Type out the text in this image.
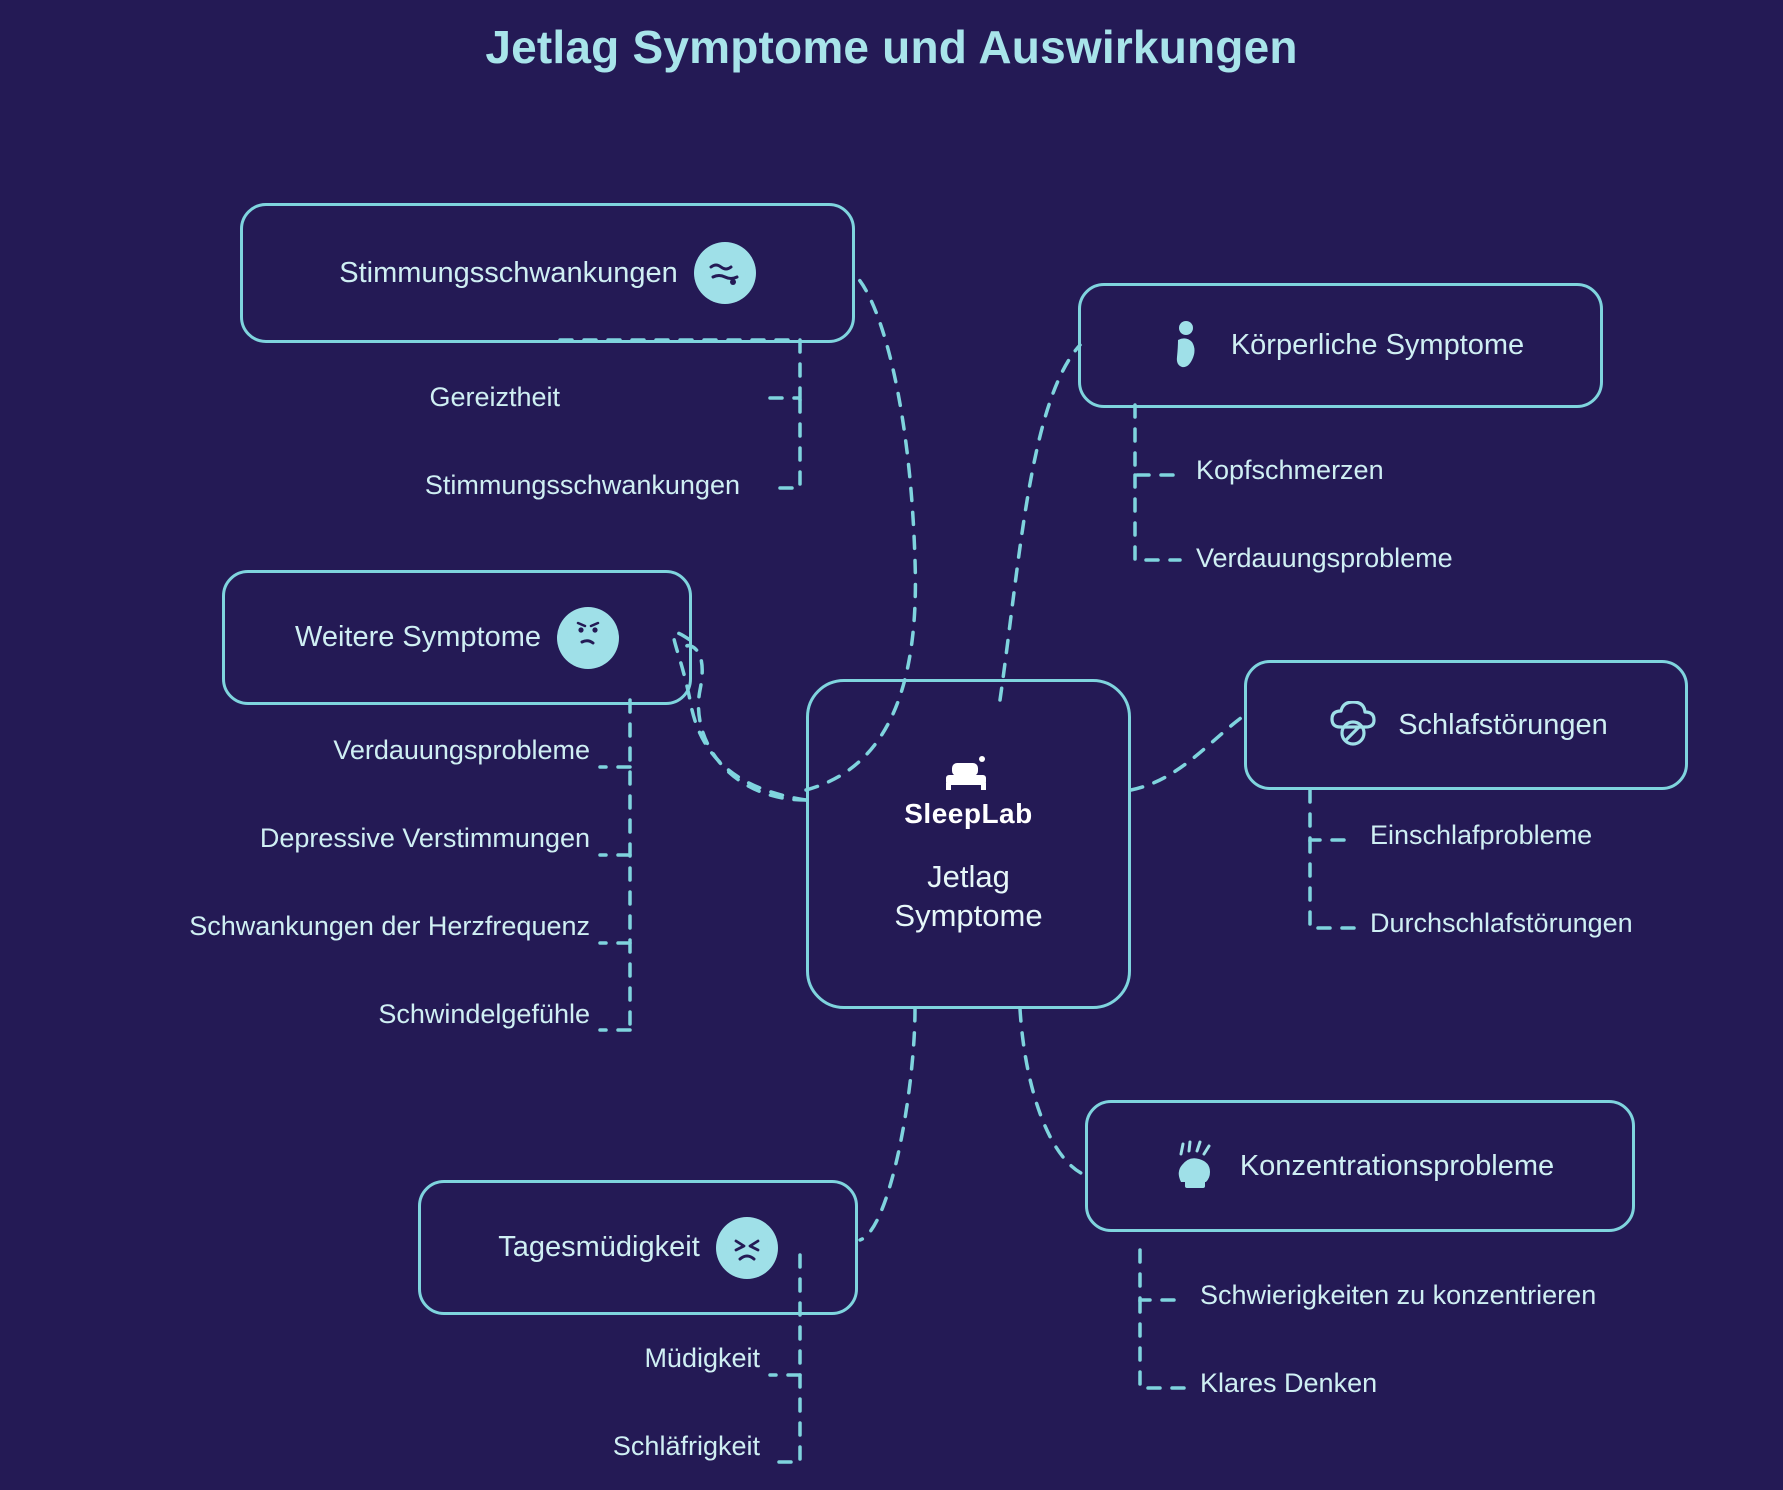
Jetlag Symptome und Auswirkungen
SleepLab
Jetlag
Symptome
Stimmungsschwankungen
Gereiztheit
Stimmungsschwankungen
Körperliche Symptome
Kopfschmerzen
Verdauungsprobleme
Weitere Symptome
Verdauungsprobleme
Depressive Verstimmungen
Schwankungen der Herzfrequenz
Schwindelgefühle
Schlafstörungen
Einschlafprobleme
Durchschlafstörungen
Tagesmüdigkeit
Müdigkeit
Schläfrigkeit
Konzentrationsprobleme
Schwierigkeiten zu konzentrieren
Klares Denken
